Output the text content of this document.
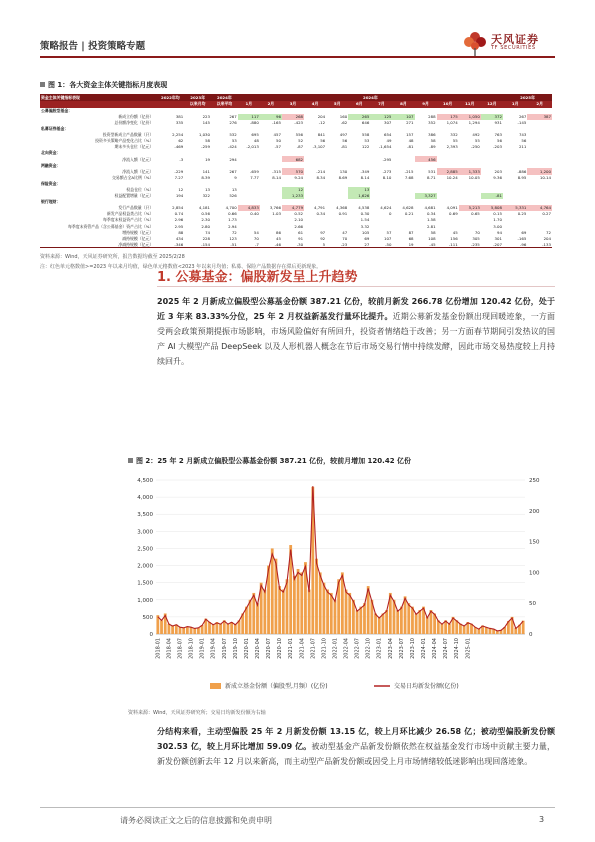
策略报告 | 投资策略专题
天风证券
TF SECURITIES
图 1：各大资金主体关键指标月度表现
资金主体关键指标表现	2022年均	2023年	2024年	2024年												2025年	
		以来月均	以来平均	1月	2月	3月	4月	5月	6月	7月	8月	9月	10月	11月	12月	1月	2月
公募偏股型基金：																	
新成立份额（亿份）	381	223	267	117	96	268	204	160	265	125	107	288	175	1,050	372	267	387
总份额净变化（亿份）	335	145	276	-880	-165	-423	-12	-62	646	307	271	352	1,074	1,294	931	-145	
私募证券基金：																	
投资型新成立产品数量（只）	2,254	1,030	532	695	457	556	841	497	558	654	157	386	332	492	763	743	
投资多头策略产品变化占比（%）	62	58	53	48	50	52	56	56	53	49	48	58	55	55	56	56	
期末多头仓位（亿元）	-469	-259	-424	-2,013	-57	-87	-3,107	-81	122	-1,654	-81	-89	2,393	-250	-203	211	
北向资金：																	
净流入额（亿元）	-3	19	294			682				-295		456					
两融资金：																	
净流入额（亿元）	-229	141	267	-659	-315	570	-214	130	-349	-273	-215	531	2,885	1,333	203	-886	1,200
交易额占全A比例（%）	7.27	8.39	9	7.77	8.14	9.24	8.34	8.69	8.14	8.10	7.68	8.71	10.24	10.05	9.36	8.95	10.14
保险资金：																	
权益仓位（%）	12	13	13			12			13								
权益配置增量（亿元）	194	322	526			1,233			1,626			3,327			-81		
银行理财：																	
发行产品数量（只）	2,854	4,181	4,700	4,833	3,766	4,779	4,791	4,368	4,538	4,624	4,628	4,681	4,091	5,213	5,808	5,331	4,764
新发产品权益类占比（%）	0.74	0.56	0.66	0.40	1.03	0.52	0.34	0.91	0.30	0	0.21	0.34	0.69	0.65	0.15	0.25	0.27
每季度末权益资产占比（%）	2.96	2.30	1.73			2.10			1.54			1.58			1.70		
每季度末资管产品（含公募基金）资产占比（%）	2.95	2.80	2.94			2.66			3.32			2.81			3.00		
增持规模（亿元）	88	74	72	54	86	61	97	47	105	57	87	58	45	70	94	69	72
减持规模（亿元）	434	228	123	70	45	91	92	70	69	107	68	108	156	305	301	-165	204
净减持规模（亿元）	-346	-154	-51	-7	-46	-30	5	-23	27	-50	19	-45	-111	-235	-207	-96	-133
资料来源：Wind，天风证券研究所，报告数据均截至 2025/2/28
注：红色单元格数值>=2023 年以来月均值，绿色单元格数值<2023 年以来月均值；私募、保险产品数据存在滞后更新现象。
1. 公募基金：偏股新发呈上升趋势
2025 年 2 月新成立偏股型公募基金份额 387.21 亿份，较前月新发 266.78 亿份增加 120.42 亿份，处于近 3 年来 83.33%分位，25 年 2 月权益新基发行量环比提升。近期公募新发基金份额出现回暖迹象，一方面受两会政策预期提振市场影响，市场风险偏好有所回升，投资者情绪趋于改善；另一方面春节期间引发热议的国产 AI 大模型产品 DeepSeek 以及人形机器人概念在节后市场交易行情中持续发酵，因此市场交易热度较上月持续回升。
图 2：25 年 2 月新成立偏股型公募基金份额 387.21 亿份，较前月增加 120.42 亿份
0
500
1,000
1,500
2,000
2,500
3,000
3,500
4,000
4,500
0
50
100
150
200
250
2018-01 2018-04 2018-07 2018-10 2019-01 2019-04 2019-07 2019-10 2020-01 2020-04 2020-07 2020-10 2021-01 2021-04 2021-07 2021-10 2022-01 2022-04 2022-07 2022-10 2023-01 2023-04 2023-07 2023-10 2024-01 2024-04 2024-07 2024-10 2025-01
新成立基金份额（偏股型,月频）(亿份)	交易日均新发份额(亿份)
资料来源：Wind，天风证券研究所；交易日均新发份额为右轴
分结构来看，主动型偏股 25 年 2 月新发份额 13.15 亿，较上月环比减少 26.58 亿；被动型偏股新发份额 302.53 亿，较上月环比增加 59.09 亿。被动型基金产品新发份额依然在权益基金发行市场中贡献主要力量，新发份额创新去年 12 月以来新高，而主动型产品新发份额或因受上月市场情绪较低迷影响出现回落迹象。
请务必阅读正文之后的信息披露和免责申明	3
